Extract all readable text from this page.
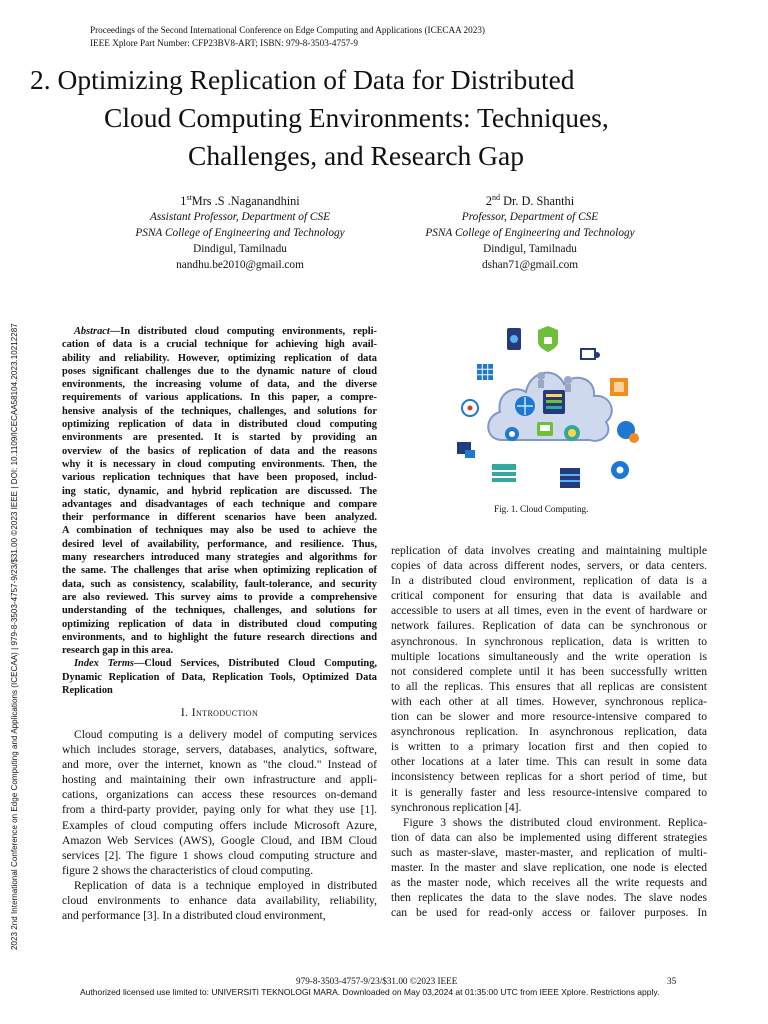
Proceedings of the Second International Conference on Edge Computing and Applications (ICECAA 2023)
IEEE Xplore Part Number: CFP23BV8-ART; ISBN: 979-8-3503-4757-9
2023 2nd International Conference on Edge Computing and Applications (ICECAA) | 979-8-3503-4757-9/23/$31.00 ©2023 IEEE | DOI: 10.1109/ICECAA58104.2023.10212287
2. Optimizing Replication of Data for Distributed
Cloud Computing Environments: Techniques,
Challenges, and Research Gap
1stMrs .S .Naganandhini
Assistant Professor, Department of CSE
PSNA College of Engineering and Technology
Dindigul, Tamilnadu
nandhu.be2010@gmail.com
2nd Dr. D. Shanthi
Professor, Department of CSE
PSNA College of Engineering and Technology
Dindigul, Tamilnadu
dshan71@gmail.com
Abstract—In distributed cloud computing environments, repli-
cation of data is a crucial technique for achieving high avail-
ability and reliability. However, optimizing replication of data
poses significant challenges due to the dynamic nature of cloud
environments, the increasing volume of data, and the diverse
requirements of various applications. In this paper, a compre-
hensive analysis of the techniques, challenges, and solutions for
optimizing replication of data in distributed cloud computing
environments are presented. It is started by providing an
overview of the basics of replication of data and the reasons
why it is necessary in cloud computing environments. Then, the
various replication techniques that have been proposed, includ-
ing static, dynamic, and hybrid replication are discussed. The
advantages and disadvantages of each technique and compare
their performance in different scenarios have been analyzed.
A combination of techniques may also be used to achieve the
desired level of availability, performance, and resilience. Thus,
many researchers introduced many strategies and algorithms for
the same. The challenges that arise when optimizing replication of
data, such as consistency, scalability, fault-tolerance, and security
are also reviewed. This survey aims to provide a comprehensive
understanding of the techniques, challenges, and solutions for
optimizing replication of data in distributed cloud computing
environments, and to highlight the future research directions and
research gap in this area.
Index Terms—Cloud Services, Distributed Cloud Computing,
Dynamic Replication of Data, Replication Tools, Optimized Data
Replication
I. Introduction
Cloud computing is a delivery model of computing services
which includes storage, servers, databases, analytics, software,
and more, over the internet, known as "the cloud." Instead of
hosting and maintaining their own infrastructure and appli-
cations, organizations can access these resources on-demand
from a third-party provider, paying only for what they use [1].
Examples of cloud computing offers include Microsoft Azure,
Amazon Web Services (AWS), Google Cloud, and IBM Cloud
services [2]. The figure 1 shows cloud computing structure and
figure 2 shows the characteristics of cloud computing.
Replication of data is a technique employed in distributed
cloud environments to enhance data availability, reliability,
and performance [3]. In a distributed cloud environment,
Fig. 1. Cloud Computing.
replication of data involves creating and maintaining multiple
copies of data across different nodes, servers, or data centers.
In a distributed cloud environment, replication of data is a
critical component for ensuring that data is available and
accessible to users at all times, even in the event of hardware or
network failures. Replication of data can be synchronous or
asynchronous. In synchronous replication, data is written to
multiple locations simultaneously and the write operation is
not considered complete until it has been successfully written
to all the replicas. This ensures that all replicas are consistent
with each other at all times. However, synchronous replica-
tion can be slower and more resource-intensive compared to
asynchronous replication. In asynchronous replication, data
is written to a primary location first and then copied to
other locations at a later time. This can result in some data
inconsistency between replicas for a short period of time, but
it is generally faster and less resource-intensive compared to
synchronous replication [4].
Figure 3 shows the distributed cloud environment. Replica-
tion of data can also be implemented using different strategies
such as master-slave, master-master, and replication of multi-
master. In the master and slave replication, one node is elected
as the master node, which receives all the write requests and
then replicates the data to the slave nodes. The slave nodes
can be used for read-only access or failover purposes. In
979-8-3503-4757-9/23/$31.00 ©2023 IEEE	35
Authorized licensed use limited to: UNIVERSITI TEKNOLOGI MARA. Downloaded on May 03,2024 at 01:35:00 UTC from IEEE Xplore. Restrictions apply.
